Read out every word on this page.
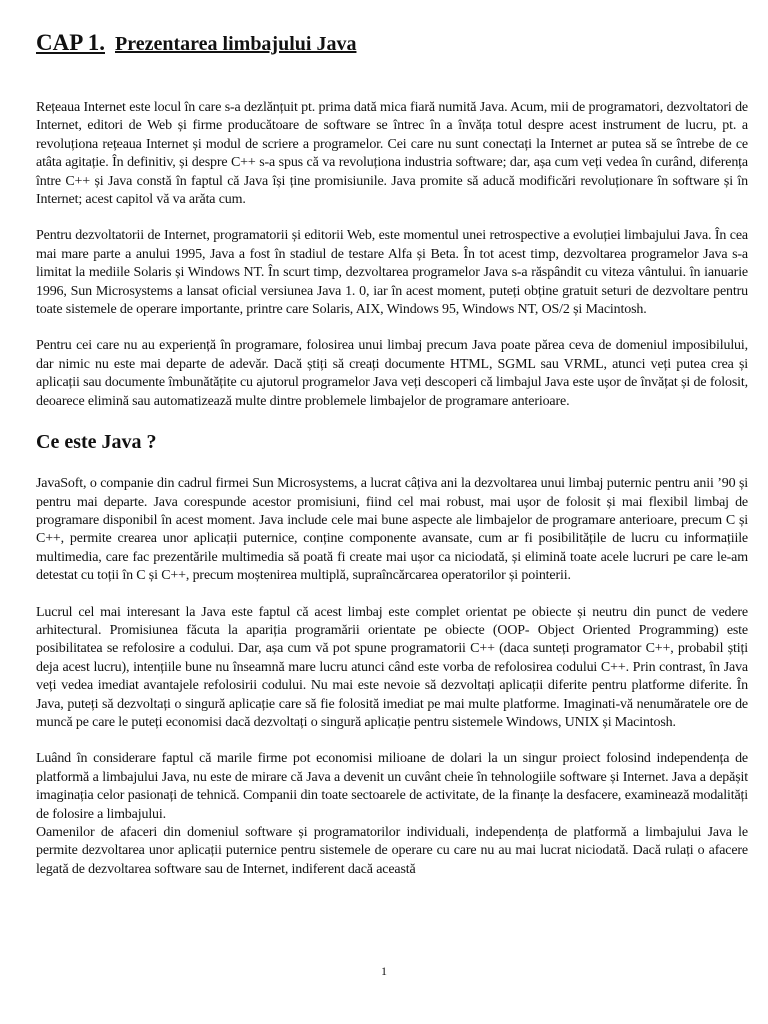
CAP 1. Prezentarea limbajului Java

Rețeaua Internet este locul în care s-a dezlănțuit pt. prima dată mica fiară numită Java. Acum, mii de programatori, dezvoltatori de Internet, editori de Web și firme producătoare de software se întrec în a învăța totul despre acest instrument de lucru, pt. a revoluționa rețeaua Internet și modul de scriere a programelor. Cei care nu sunt conectați la Internet ar putea să se întrebe de ce atâta agitație. În definitiv, și despre C++ s-a spus că va revoluționa industria software; dar, așa cum veți vedea în curând, diferența între C++ și Java constă în faptul că Java își ține promisiunile. Java promite să aducă modificări revoluționare în software și în Internet; acest capitol vă va arăta cum.

Pentru dezvoltatorii de Internet, programatorii și editorii Web, este momentul unei retrospective a evoluției limbajului Java. În cea mai mare parte a anului 1995, Java a fost în stadiul de testare Alfa și Beta. În tot acest timp, dezvoltarea programelor Java s-a limitat la mediile Solaris și Windows NT. În scurt timp, dezvoltarea programelor Java s-a răspândit cu viteza vântului. în ianuarie 1996, Sun Microsystems a lansat oficial versiunea Java 1. 0, iar în acest moment, puteți obține gratuit seturi de dezvoltare pentru toate sistemele de operare importante, printre care Solaris, AIX, Windows 95, Windows NT, OS/2 și Macintosh.

Pentru cei care nu au experiență în programare, folosirea unui limbaj precum Java poate părea ceva de domeniul imposibilului, dar nimic nu este mai departe de adevăr. Dacă știți să creați documente HTML, SGML sau VRML, atunci veți putea crea și aplicații sau documente îmbunătățite cu ajutorul programelor Java veți descoperi că limbajul Java este ușor de învățat și de folosit, deoarece elimină sau automatizează multe dintre problemele limbajelor de programare anterioare.

Ce este Java ?

JavaSoft, o companie din cadrul firmei Sun Microsystems, a lucrat câțiva ani la dezvoltarea unui limbaj puternic pentru anii ’90 și pentru mai departe. Java corespunde acestor promisiuni, fiind cel mai robust, mai ușor de folosit și mai flexibil limbaj de programare disponibil în acest moment. Java include cele mai bune aspecte ale limbajelor de programare anterioare, precum C și C++, permite crearea unor aplicații puternice, conține componente avansate, cum ar fi posibilitățile de lucru cu informațiile multimedia, care fac prezentările multimedia să poată fi create mai ușor ca niciodată, și elimină toate acele lucruri pe care le-am detestat cu toții în C și C++, precum moștenirea multiplă, supraîncărcarea operatorilor și pointerii.

Lucrul cel mai interesant la Java este faptul că acest limbaj este complet orientat pe obiecte și neutru din punct de vedere arhitectural. Promisiunea făcuta la apariția programării orientate pe obiecte (OOP- Object Oriented Programming) este posibilitatea se refolosire a codului. Dar, așa cum vă pot spune programatorii C++ (daca sunteți programator C++, probabil știți deja acest lucru), intențiile bune nu înseamnă mare lucru atunci când este vorba de refolosirea codului C++. Prin contrast, în Java veți vedea imediat avantajele refolosirii codului. Nu mai este nevoie să dezvoltați aplicații diferite pentru platforme diferite. În Java, puteți să dezvoltați o singură aplicație care să fie folosită imediat pe mai multe platforme. Imaginati-vă nenumăratele ore de muncă pe care le puteți economisi dacă dezvoltați o singură aplicație pentru sistemele Windows, UNIX și Macintosh.

Luând în considerare faptul că marile firme pot economisi milioane de dolari la un singur proiect folosind independența de platformă a limbajului Java, nu este de mirare că Java a devenit un cuvânt cheie în tehnologiile software și Internet. Java a depășit imaginația celor pasionați de tehnică. Companii din toate sectoarele de activitate, de la finanțe la desfacere, examinează modalități de folosire a limbajului.

Oamenilor de afaceri din domeniul software și programatorilor individuali, independența de platformă a limbajului Java le permite dezvoltarea unor aplicații puternice pentru sistemele de operare cu care nu au mai lucrat niciodată. Dacă rulați o afacere legată de dezvoltarea software sau de Internet, indiferent dacă această

1
